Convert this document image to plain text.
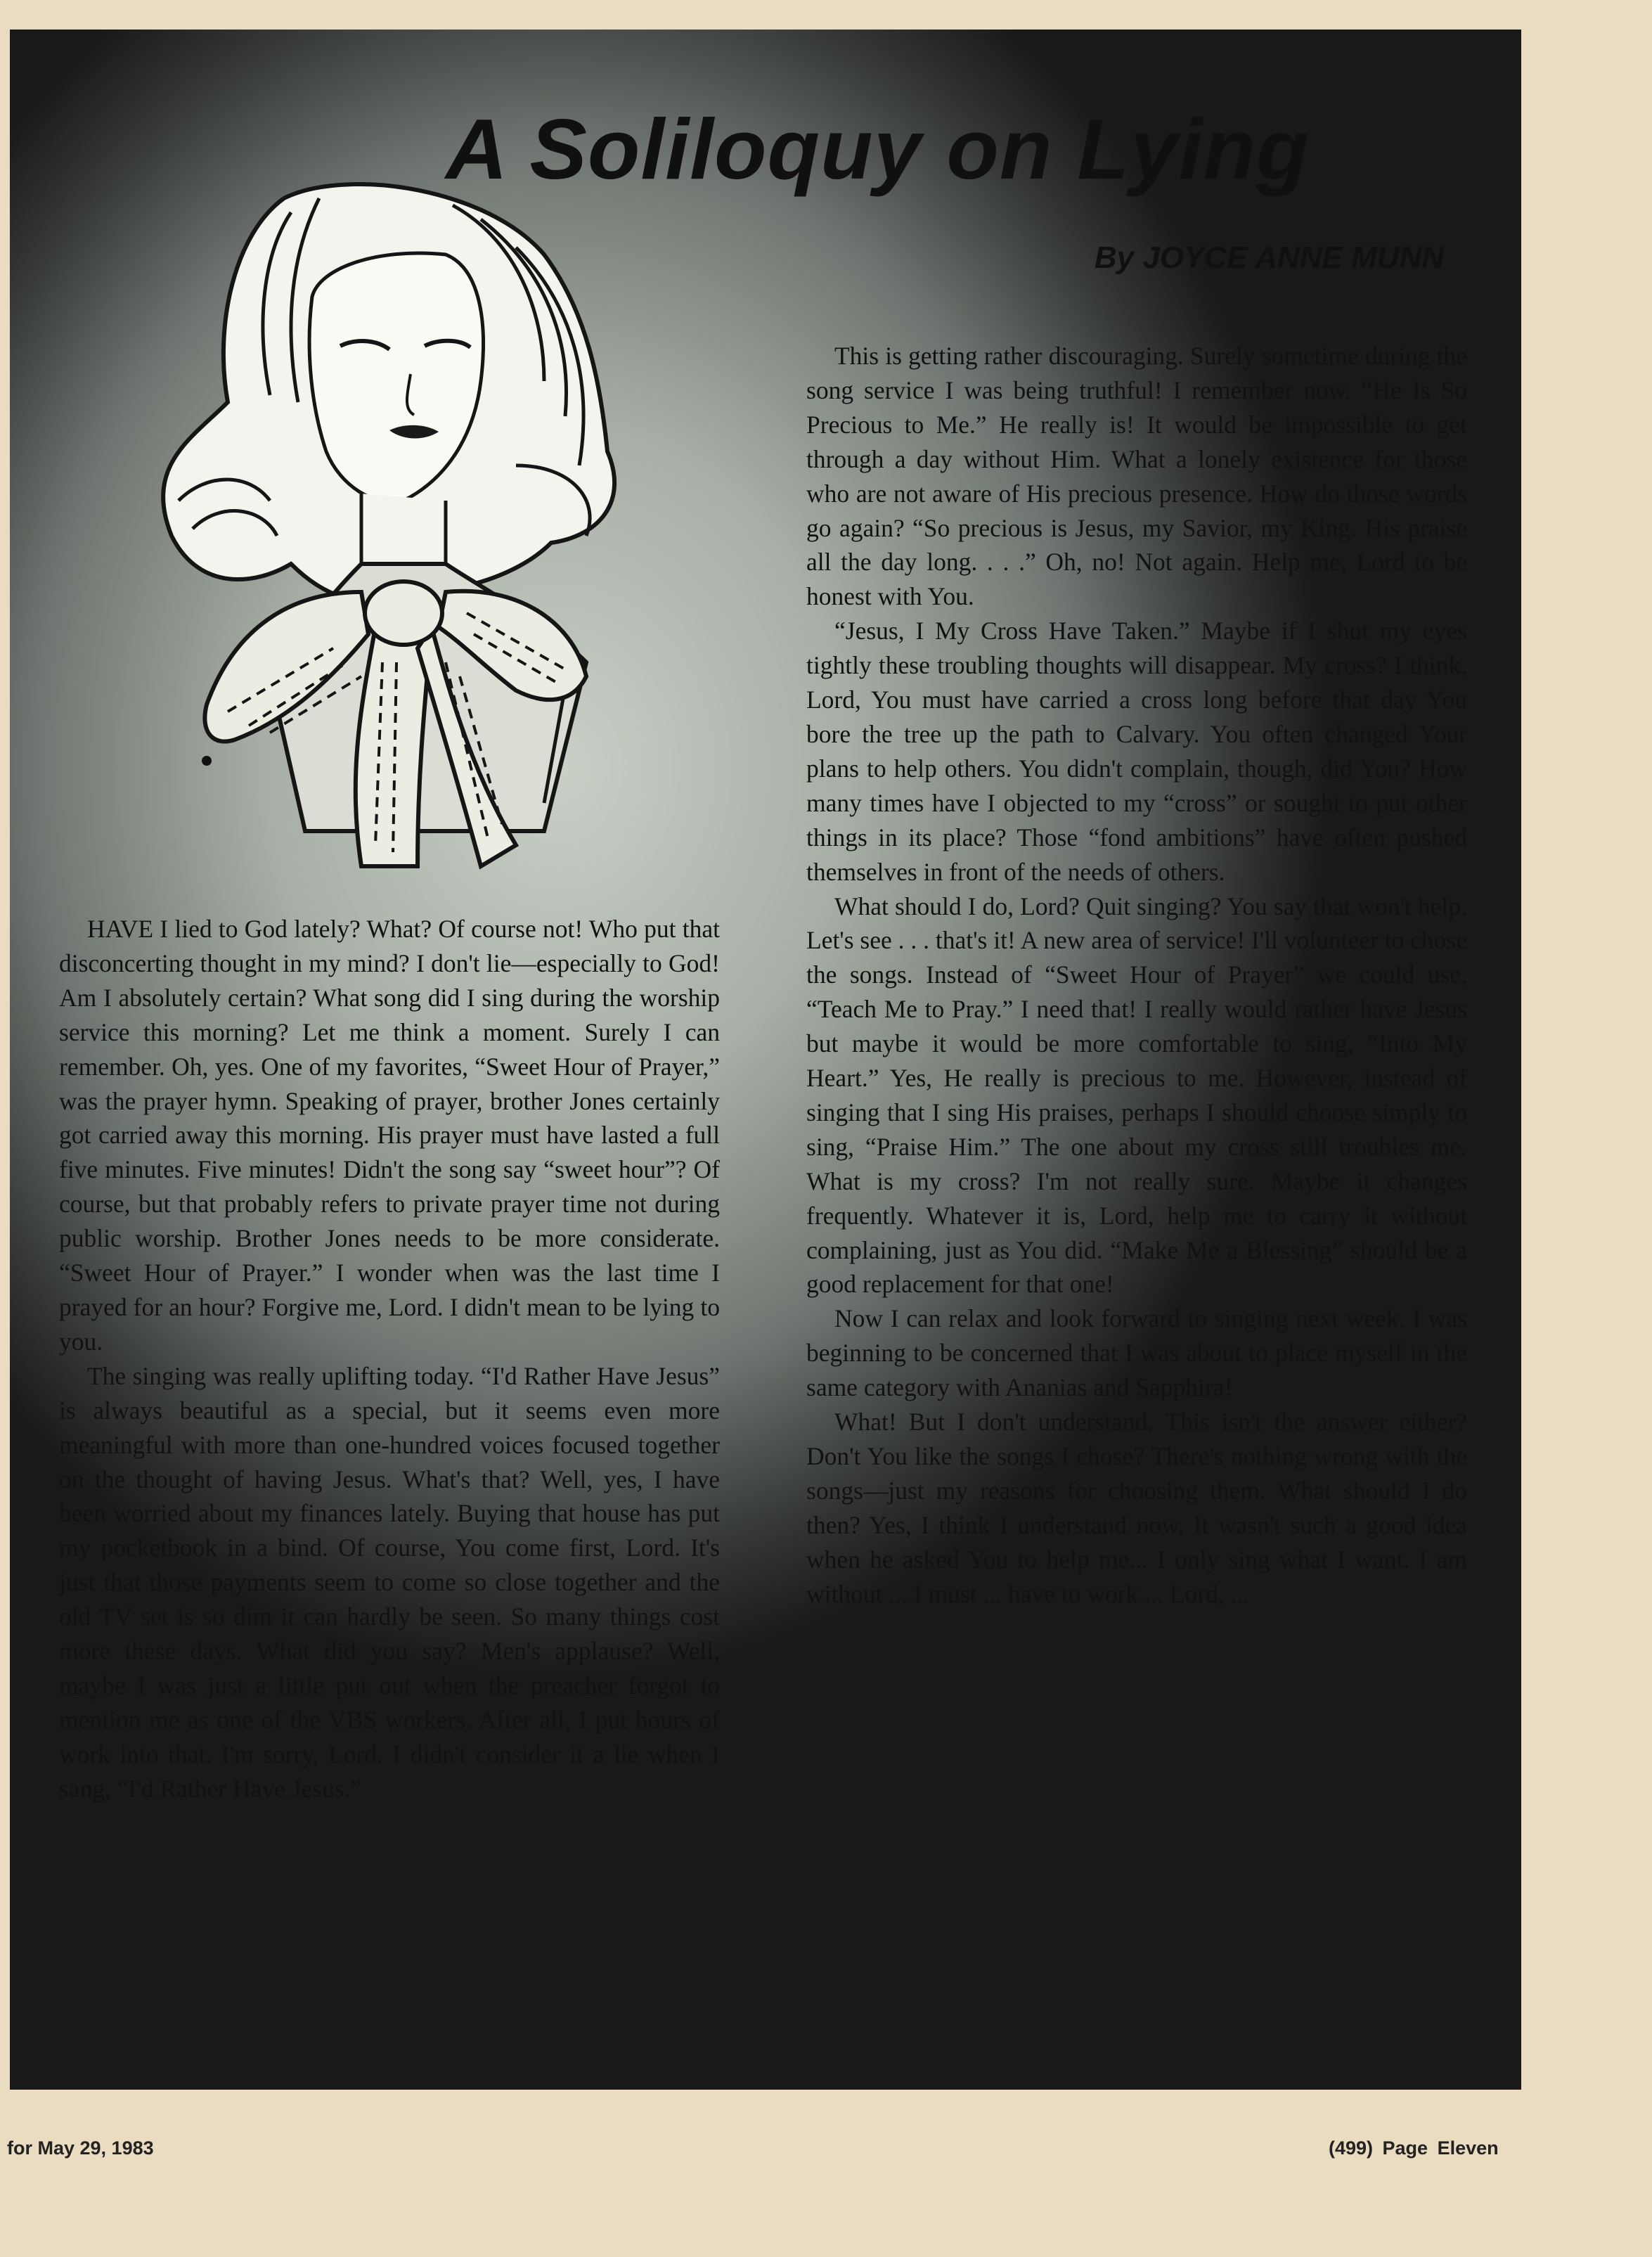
A Soliloquy on Lying
By JOYCE ANNE MUNN

HAVE I lied to God lately? What? Of course not! Who put that disconcerting thought in my mind? I don't lie—especially to God! Am I absolutely certain? What song did I sing during the worship service this morning? Let me think a moment. Surely I can remember. Oh, yes. One of my favorites, “Sweet Hour of Prayer,” was the prayer hymn. Speaking of prayer, brother Jones certainly got carried away this morning. His prayer must have lasted a full five minutes. Five minutes! Didn't the song say “sweet hour”? Of course, but that probably refers to private prayer time not during public worship. Brother Jones needs to be more considerate. “Sweet Hour of Prayer.” I wonder when was the last time I prayed for an hour? Forgive me, Lord. I didn't mean to be lying to you.

The singing was really uplifting today. “I'd Rather Have Jesus” is always beautiful as a special, but it seems even more meaningful with more than one-hundred voices focused together on the thought of having Jesus. What's that? Well, yes, I have been worried about my finances lately. Buying that house has put my pocketbook in a bind. Of course, You come first, Lord. It's just that those payments seem to come so close together and the old TV set is so dim it can hardly be seen. So many things cost more these days. What did you say? Men's applause? Well, maybe I was just a little put out when the preacher forgot to mention me as one of the VBS workers. After all, I put hours of work into that. I'm sorry, Lord. I didn't consider it a lie when I sang, “I'd Rather Have Jesus.”

This is getting rather discouraging. Surely sometime during the song service I was being truthful! I remember now. “He Is So Precious to Me.” He really is! It would be impossible to get through a day without Him. What a lonely existence for those who are not aware of His precious presence. How do those words go again? “So precious is Jesus, my Savior, my King. His praise all the day long. . . .” Oh, no! Not again. Help me, Lord to be honest with You.

“Jesus, I My Cross Have Taken.” Maybe if I shut my eyes tightly these troubling thoughts will disappear. My cross? I think, Lord, You must have carried a cross long before that day You bore the tree up the path to Calvary. You often changed Your plans to help others. You didn't complain, though, did You? How many times have I objected to my “cross” or sought to put other things in its place? Those “fond ambitions” have often pushed themselves in front of the needs of others.

What should I do, Lord? Quit singing? You say that won't help. Let's see . . . that's it! A new area of service! I'll volunteer to chose the songs. Instead of “Sweet Hour of Prayer” we could use, “Teach Me to Pray.” I need that! I really would rather have Jesus but maybe it would be more comfortable to sing, “Into My Heart.” Yes, He really is precious to me. However, instead of singing that I sing His praises, perhaps I should choose simply to sing, “Praise Him.” The one about my cross still troubles me. What is my cross? I'm not really sure. Maybe it changes frequently. Whatever it is, Lord, help me to carry it without complaining, just as You did. “Make Me a Blessing” should be a good replacement for that one!

Now I can relax and look forward to singing next week. I was beginning to be concerned that I was about to place myself in the same category with Ananias and Sapphira!

What! But I don't understand. This isn't the answer either? Don't You like the songs I chose? There's nothing wrong with the songs—just my reasons for choosing them. What should I do then? Yes, I think I understand now. It wasn't such a good idea when he asked You to help me... I only sing what I want. I am without ... I must ... have to work ... Lord, ...

for May 29, 1983	(499) Page Eleven
